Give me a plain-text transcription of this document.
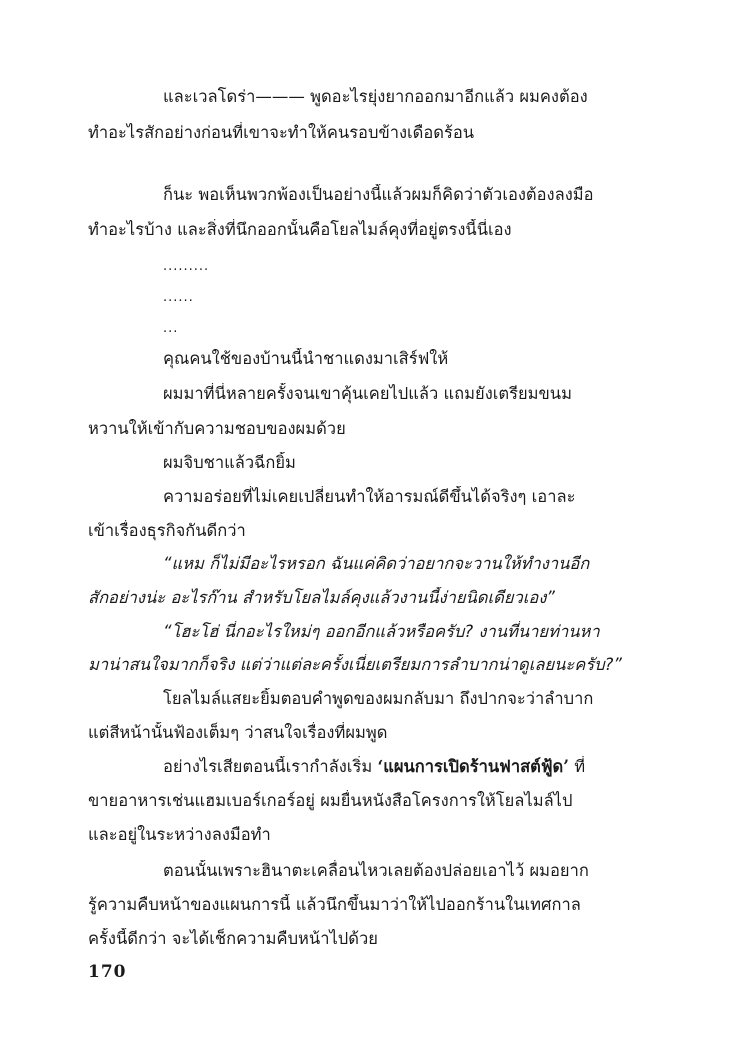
และเวลโดร่า——— พูดอะไรยุ่งยากออกมาอีกแล้ว ผมคงต้อง
ทำอะไรสักอย่างก่อนที่เขาจะทำให้คนรอบข้างเดือดร้อน
ก็นะ พอเห็นพวกพ้องเป็นอย่างนี้แล้วผมก็คิดว่าตัวเองต้องลงมือ
ทำอะไรบ้าง และสิ่งที่นึกออกนั้นคือโยลไมล์คุงที่อยู่ตรงนี้นี่เอง
.........
......
...
คุณคนใช้ของบ้านนี้นำชาแดงมาเสิร์ฟให้
ผมมาที่นี่หลายครั้งจนเขาคุ้นเคยไปแล้ว แถมยังเตรียมขนม
หวานให้เข้ากับความชอบของผมด้วย
ผมจิบชาแล้วฉีกยิ้ม
ความอร่อยที่ไม่เคยเปลี่ยนทำให้อารมณ์ดีขึ้นได้จริงๆ เอาละ
เข้าเรื่องธุรกิจกันดีกว่า
“แหม ก็ไม่มีอะไรหรอก ฉันแค่คิดว่าอยากจะวานให้ทำงานอีก
สักอย่างน่ะ อะไรก๊าน สำหรับโยลไมล์คุงแล้วงานนี้ง่ายนิดเดียวเอง”
“โฮะโฮ่ นี่กอะไรใหม่ๆ ออกอีกแล้วหรือครับ? งานที่นายท่านหา
มาน่าสนใจมากก็จริง แต่ว่าแต่ละครั้งเนี่ยเตรียมการลำบากน่าดูเลยนะครับ?”
โยลไมล์แสยะยิ้มตอบคำพูดของผมกลับมา ถึงปากจะว่าลำบาก
แต่สีหน้านั้นฟ้องเต็มๆ ว่าสนใจเรื่องที่ผมพูด
อย่างไรเสียตอนนี้เรากำลังเริ่ม ‘แผนการเปิดร้านฟาสต์ฟู้ด’ ที่
ขายอาหารเช่นแฮมเบอร์เกอร์อยู่ ผมยื่นหนังสือโครงการให้โยลไมล์ไป
และอยู่ในระหว่างลงมือทำ
ตอนนั้นเพราะฮินาตะเคลื่อนไหวเลยต้องปล่อยเอาไว้ ผมอยาก
รู้ความคืบหน้าของแผนการนี้ แล้วนึกขึ้นมาว่าให้ไปออกร้านในเทศกาล
ครั้งนี้ดีกว่า จะได้เช็กความคืบหน้าไปด้วย
170
